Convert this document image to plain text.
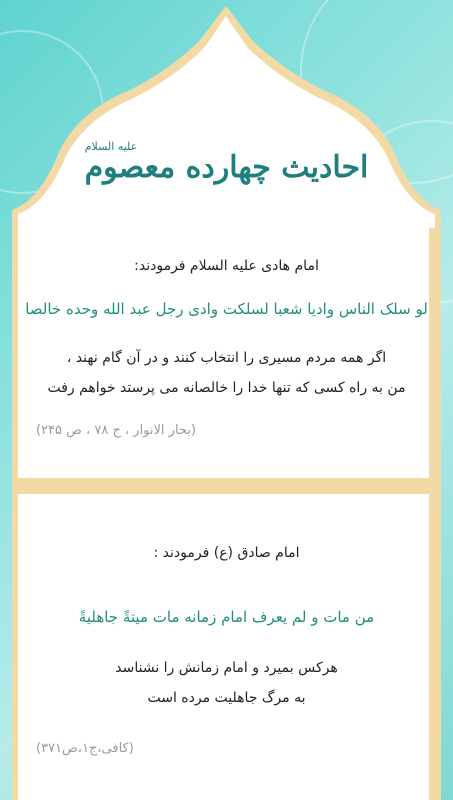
احادیث چهارده معصوم
علیه السلام

امام هادی علیه السلام فرمودند:

لو سلک الناس وادیا شعبا لسلکت وادی رجل عبد الله وحده خالصا

اگر همه مردم مسیری را انتخاب کنند و در آن گام نهند ،

من به راه کسی که تنها خدا را خالصانه می پرستد خواهم رفت

(بحار الانوار ، ج ۷۸ ، ص ۲۴۵)

امام صادق (ع) فرمودند :

من مات و لم یعرف امام زمانه مات میتةً جاهلیةً

هرکس بمیرد و امام زمانش را نشناسد

به مرگ جاهلیت مرده است

(کافی،ج۱،ص۳۷۱)
